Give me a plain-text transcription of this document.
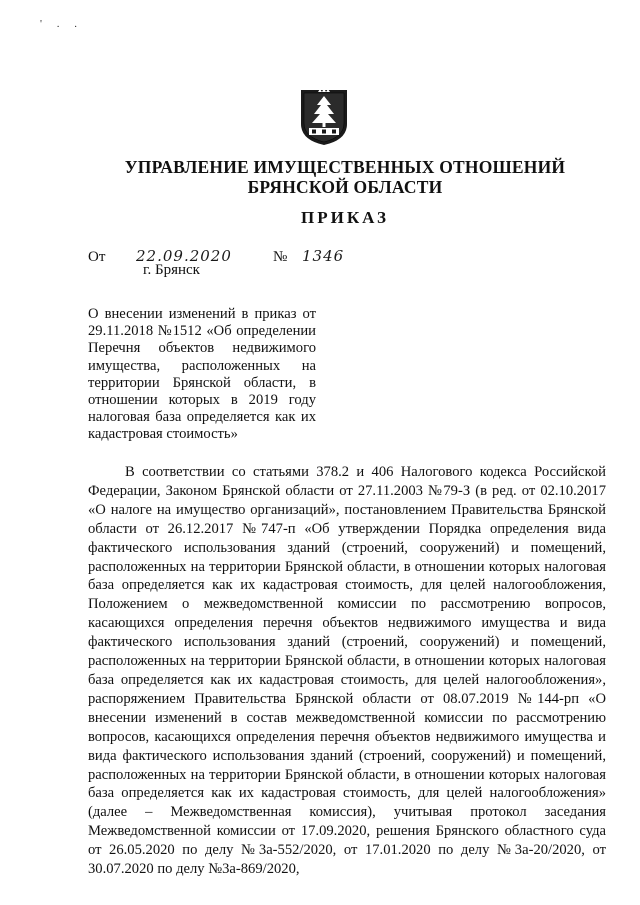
' . .
УПРАВЛЕНИЕ ИМУЩЕСТВЕННЫХ ОТНОШЕНИЙ
БРЯНСКОЙ ОБЛАСТИ
ПРИКАЗ
От 22.09.2020	№ 1346
г. Брянск
О внесении изменений в приказ от 29.11.2018 №1512 «Об определении Перечня объектов недвижимого имущества, расположенных на территории Брянской области, в отношении которых в 2019 году налоговая база определяется как их кадастровая стоимость»
В соответствии со статьями 378.2 и 406 Налогового кодекса Российской Федерации, Законом Брянской области от 27.11.2003 №79-З (в ред. от 02.10.2017 «О налоге на имущество организаций», постановлением Правительства Брянской области от 26.12.2017 №747-п «Об утверждении Порядка определения вида фактического использования зданий (строений, сооружений) и помещений, расположенных на территории Брянской области, в отношении которых налоговая база определяется как их кадастровая стоимость, для целей налогообложения, Положением о межведомственной комиссии по рассмотрению вопросов, касающихся определения перечня объектов недвижимого имущества и вида фактического использования зданий (строений, сооружений) и помещений, расположенных на территории Брянской области, в отношении которых налоговая база определяется как их кадастровая стоимость, для целей налогообложения», распоряжением Правительства Брянской области от 08.07.2019 №144-рп «О внесении изменений в состав межведомственной комиссии по рассмотрению вопросов, касающихся определения перечня объектов недвижимого имущества и вида фактического использования зданий (строений, сооружений) и помещений, расположенных на территории Брянской области, в отношении которых налоговая база определяется как их кадастровая стоимость, для целей налогообложения» (далее – Межведомственная комиссия), учитывая протокол заседания Межведомственной комиссии от 17.09.2020, решения Брянского областного суда от 26.05.2020 по делу №3а-552/2020, от 17.01.2020 по делу №3а-20/2020, от 30.07.2020 по делу №3а-869/2020,
